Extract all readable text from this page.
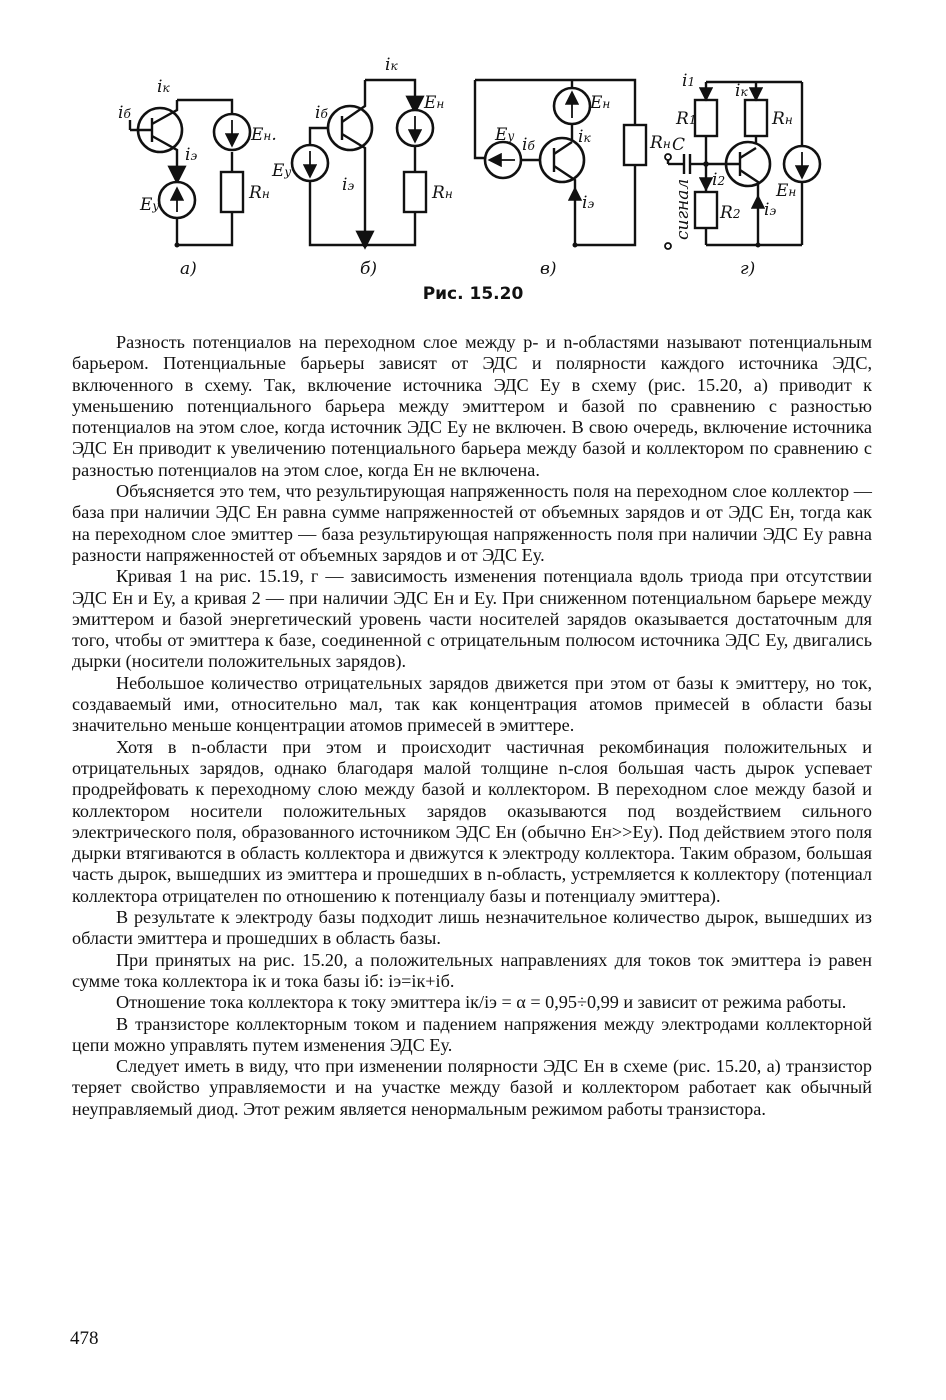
iк
iб
iэ
Eу
Eн.
Rн
а)
iк
iб
iэ
Eу
Eн
Rн
б)
Eн
Eу iб	iк
iэ
Rн
в)
i1
R1
iк
Rн
C
i2
R2 iэ
Eн
сигнал
г)
Рис. 15.20

Разность потенциалов на переходном слое между p- и n-областями называют потенциальным барьером. Потенциальные барьеры зависят от ЭДС и полярности каждого источника ЭДС, включенного в схему. Так, включение источника ЭДС Eу в схему (рис. 15.20, а) приводит к уменьшению потенциального барьера между эмиттером и базой по сравнению с разностью потенциалов на этом слое, когда источник ЭДС Eу не включен. В свою очередь, включение источника ЭДС Eн приводит к увеличению потенциального барьера между базой и коллектором по сравнению с разностью потенциалов на этом слое, когда Eн не включена.

Объясняется это тем, что результирующая напряженность поля на переходном слое коллектор — база при наличии ЭДС Eн равна сумме напряженностей от объемных зарядов и от ЭДС Eн, тогда как на переходном слое эмиттер — база результирующая напряженность поля при наличии ЭДС Eу равна разности напряженностей от объемных зарядов и от ЭДС Eу.

Кривая 1 на рис. 15.19, г — зависимость изменения потенциала вдоль триода при отсутствии ЭДС Eн и Eу, а кривая 2 — при наличии ЭДС Eн и Eу. При сниженном потенциальном барьере между эмиттером и базой энергетический уровень части носителей зарядов оказывается достаточным для того, чтобы от эмиттера к базе, соединенной с отрицательным полюсом источника ЭДС Eу, двигались дырки (носители положительных зарядов).

Небольшое количество отрицательных зарядов движется при этом от базы к эмиттеру, но ток, создаваемый ими, относительно мал, так как концентрация атомов примесей в области базы значительно меньше концентрации атомов примесей в эмиттере.

Хотя в n-области при этом и происходит частичная рекомбинация положительных и отрицательных зарядов, однако благодаря малой толщине n-слоя большая часть дырок успевает продрейфовать к переходному слою между базой и коллектором. В переходном слое между базой и коллектором носители положительных зарядов оказываются под воздействием сильного электрического поля, образованного источником ЭДС Eн (обычно Eн>>Eу). Под действием этого поля дырки втягиваются в область коллектора и движутся к электроду коллектора. Таким образом, большая часть дырок, вышедших из эмиттера и прошедших в n-область, устремляется к коллектору (потенциал коллектора отрицателен по отношению к потенциалу базы и потенциалу эмиттера).

В результате к электроду базы подходит лишь незначительное количество дырок, вышедших из области эмиттера и прошедших в область базы.

При принятых на рис. 15.20, а положительных направлениях для токов ток эмиттера iэ равен сумме тока коллектора iк и тока базы iб: iэ=iк+iб.

Отношение тока коллектора к току эмиттера iк/iэ = α = 0,95÷0,99 и зависит от режима работы.

В транзисторе коллекторным током и падением напряжения между электродами коллекторной цепи можно управлять путем изменения ЭДС Eу.

Следует иметь в виду, что при изменении полярности ЭДС Eн в схеме (рис. 15.20, а) транзистор теряет свойство управляемости и на участке между базой и коллектором работает как обычный неуправляемый диод. Этот режим является ненормальным режимом работы транзистора.

478
